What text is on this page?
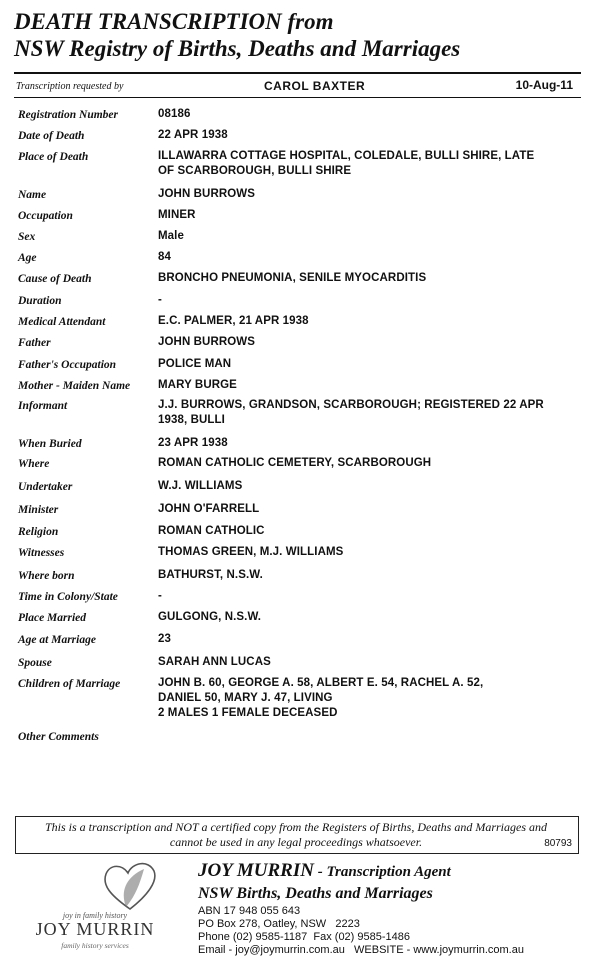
DEATH TRANSCRIPTION from
NSW Registry of Births, Deaths and Marriages
Transcription requested by	CAROL BAXTER	10-Aug-11
Registration Number	08186
Date of Death	22 APR 1938
Place of Death	ILLAWARRA COTTAGE HOSPITAL, COLEDALE, BULLI SHIRE, LATE
OF SCARBOROUGH, BULLI SHIRE
Name	JOHN BURROWS
Occupation	MINER
Sex	Male
Age	84
Cause of Death	BRONCHO PNEUMONIA, SENILE MYOCARDITIS
Duration	-
Medical Attendant	E.C. PALMER, 21 APR 1938
Father	JOHN BURROWS
Father's Occupation	POLICE MAN
Mother - Maiden Name	MARY BURGE
Informant	J.J. BURROWS, GRANDSON, SCARBOROUGH; REGISTERED 22 APR
1938, BULLI
When Buried	23 APR 1938
Where	ROMAN CATHOLIC CEMETERY, SCARBOROUGH
Undertaker	W.J. WILLIAMS
Minister	JOHN O'FARRELL
Religion	ROMAN CATHOLIC
Witnesses	THOMAS GREEN, M.J. WILLIAMS
Where born	BATHURST, N.S.W.
Time in Colony/State	-
Place Married	GULGONG, N.S.W.
Age at Marriage	23
Spouse	SARAH ANN LUCAS
Children of Marriage	JOHN B. 60, GEORGE A. 58, ALBERT E. 54, RACHEL A. 52,
DANIEL 50, MARY J. 47, LIVING
2 MALES 1 FEMALE DECEASED
Other Comments
This is a transcription and NOT a certified copy from the Registers of Births, Deaths and Marriages and cannot be used in any legal proceedings whatsoever.	80793
joy in family history
JOY MURRIN
family history services
JOY MURRIN - Transcription Agent
NSW Births, Deaths and Marriages
ABN 17 948 055 643
PO Box 278, Oatley, NSW   2223
Phone (02) 9585-1187  Fax (02) 9585-1486
Email - joy@joymurrin.com.au   WEBSITE - www.joymurrin.com.au
